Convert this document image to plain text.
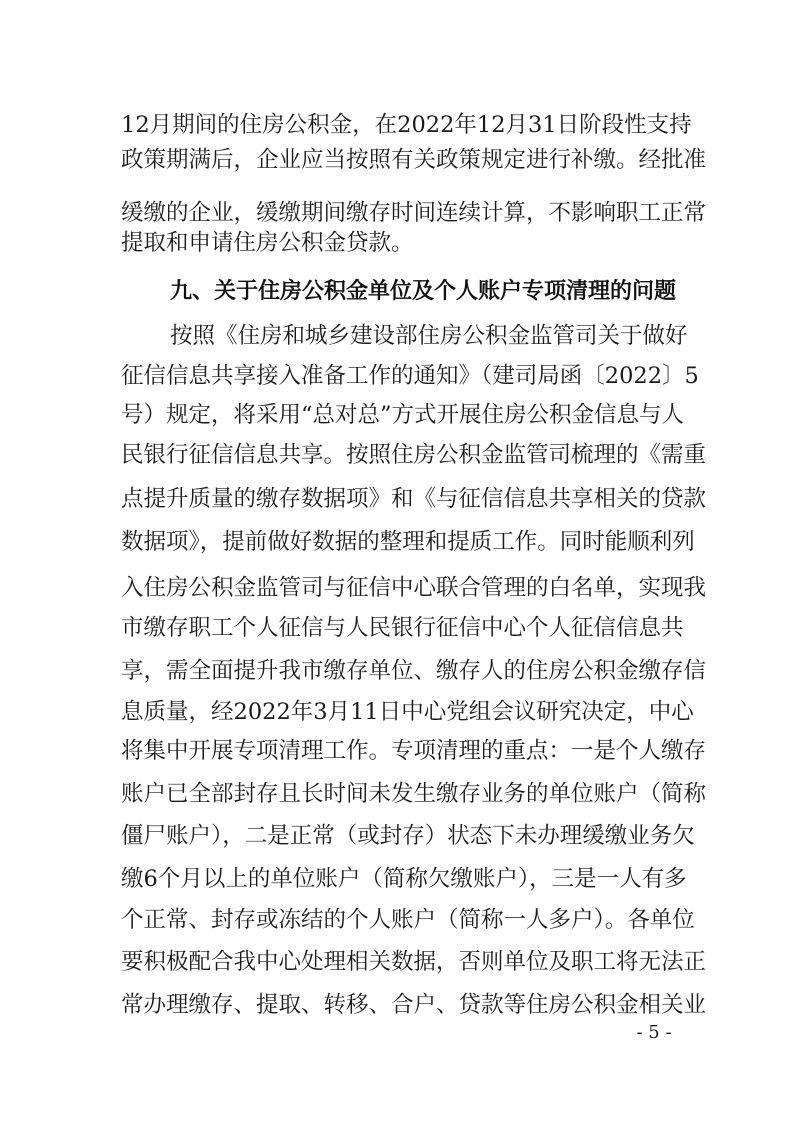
12月期间的住房公积金，在2022年12月31日阶段性支持
政策期满后，企业应当按照有关政策规定进行补缴。经批准
缓缴的企业，缓缴期间缴存时间连续计算，不影响职工正常
提取和申请住房公积金贷款。
九、关于住房公积金单位及个人账户专项清理的问题
按照《住房和城乡建设部住房公积金监管司关于做好
征信信息共享接入准备工作的通知》（建司局函〔2022〕5
号）规定，将采用“总对总”方式开展住房公积金信息与人
民银行征信信息共享。按照住房公积金监管司梳理的《需重
点提升质量的缴存数据项》和《与征信信息共享相关的贷款
数据项》，提前做好数据的整理和提质工作。同时能顺利列
入住房公积金监管司与征信中心联合管理的白名单，实现我
市缴存职工个人征信与人民银行征信中心个人征信信息共
享，需全面提升我市缴存单位、缴存人的住房公积金缴存信
息质量，经2022年3月11日中心党组会议研究决定，中心
将集中开展专项清理工作。专项清理的重点：一是个人缴存
账户已全部封存且长时间未发生缴存业务的单位账户（简称
僵尸账户），二是正常（或封存）状态下未办理缓缴业务欠
缴6个月以上的单位账户（简称欠缴账户），三是一人有多
个正常、封存或冻结的个人账户（简称一人多户）。各单位
要积极配合我中心处理相关数据，否则单位及职工将无法正
常办理缴存、提取、转移、合户、贷款等住房公积金相关业
- 5 -
